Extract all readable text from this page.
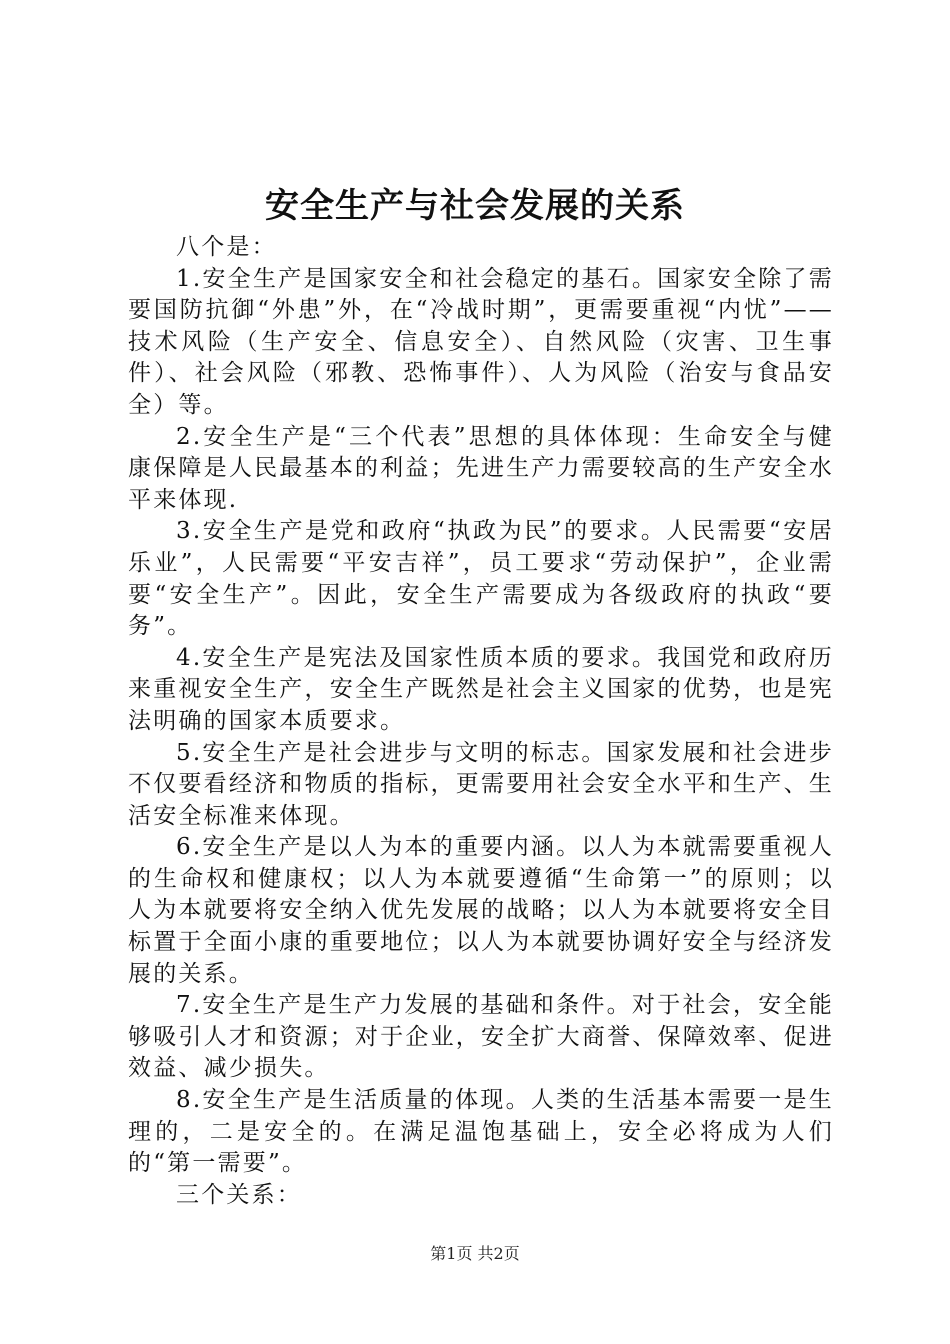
安全生产与社会发展的关系

八个是：

1.安全生产是国家安全和社会稳定的基石。国家安全除了需要国防抗御“外患”外，在“冷战时期”，更需要重视“内忧”——技术风险（生产安全、信息安全）、自然风险（灾害、卫生事件）、社会风险（邪教、恐怖事件）、人为风险（治安与食品安全）等。

2.安全生产是“三个代表”思想的具体体现：生命安全与健康保障是人民最基本的利益；先进生产力需要较高的生产安全水平来体现.

3.安全生产是党和政府“执政为民”的要求。人民需要“安居乐业”，人民需要“平安吉祥”，员工要求“劳动保护”，企业需要“安全生产”。因此，安全生产需要成为各级政府的执政“要务”。

4.安全生产是宪法及国家性质本质的要求。我国党和政府历来重视安全生产，安全生产既然是社会主义国家的优势，也是宪法明确的国家本质要求。

5.安全生产是社会进步与文明的标志。国家发展和社会进步不仅要看经济和物质的指标，更需要用社会安全水平和生产、生活安全标准来体现。

6.安全生产是以人为本的重要内涵。以人为本就需要重视人的生命权和健康权；以人为本就要遵循“生命第一”的原则；以人为本就要将安全纳入优先发展的战略；以人为本就要将安全目标置于全面小康的重要地位；以人为本就要协调好安全与经济发展的关系。

7.安全生产是生产力发展的基础和条件。对于社会，安全能够吸引人才和资源；对于企业，安全扩大商誉、保障效率、促进效益、减少损失。

8.安全生产是生活质量的体现。人类的生活基本需要一是生理的，二是安全的。在满足温饱基础上，安全必将成为人们的“第一需要”。

三个关系：

第1页 共2页
